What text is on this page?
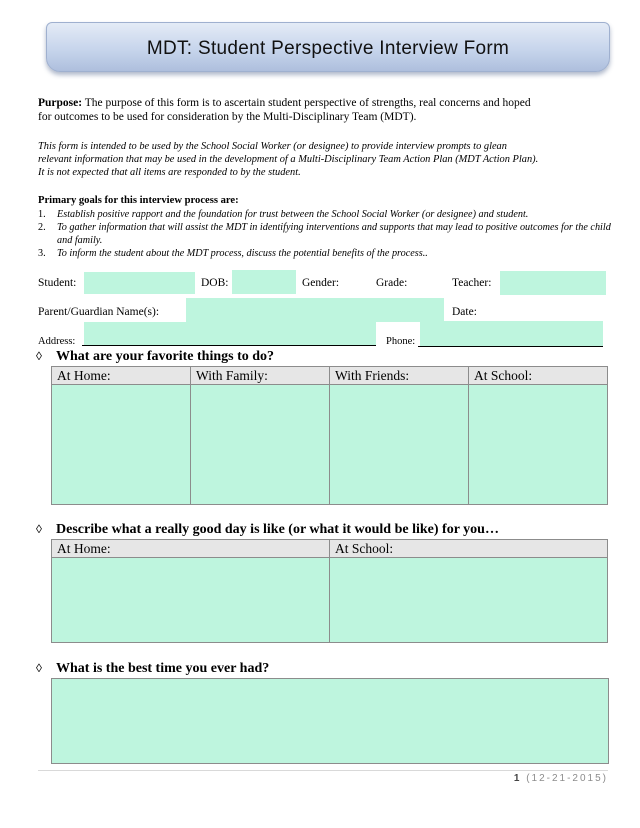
MDT: Student Perspective Interview Form
Purpose: The purpose of this form is to ascertain student perspective of strengths, real concerns and hoped
for outcomes to be used for consideration by the Multi-Disciplinary Team (MDT).
This form is intended to be used by the School Social Worker (or designee) to provide interview prompts to glean
relevant information that may be used in the development of a Multi-Disciplinary Team Action Plan (MDT Action Plan).
It is not expected that all items are responded to by the student.
Primary goals for this interview process are:
1. Establish positive rapport and the foundation for trust between the School Social Worker (or designee) and student.
2. To gather information that will assist the MDT in identifying interventions and supports that may lead to positive outcomes for the child and family.
3. To inform the student about the MDT process, discuss the potential benefits of the process..
Student:	DOB:	Gender:	Grade:	Teacher:
Parent/Guardian Name(s):	Date:
Address:	Phone:
◊ What are your favorite things to do?
At Home:	With Family:	With Friends:	At School:

◊ Describe what a really good day is like (or what it would be like) for you…
At Home:	At School:

◊ What is the best time you ever had?
1 (12-21-2015)
